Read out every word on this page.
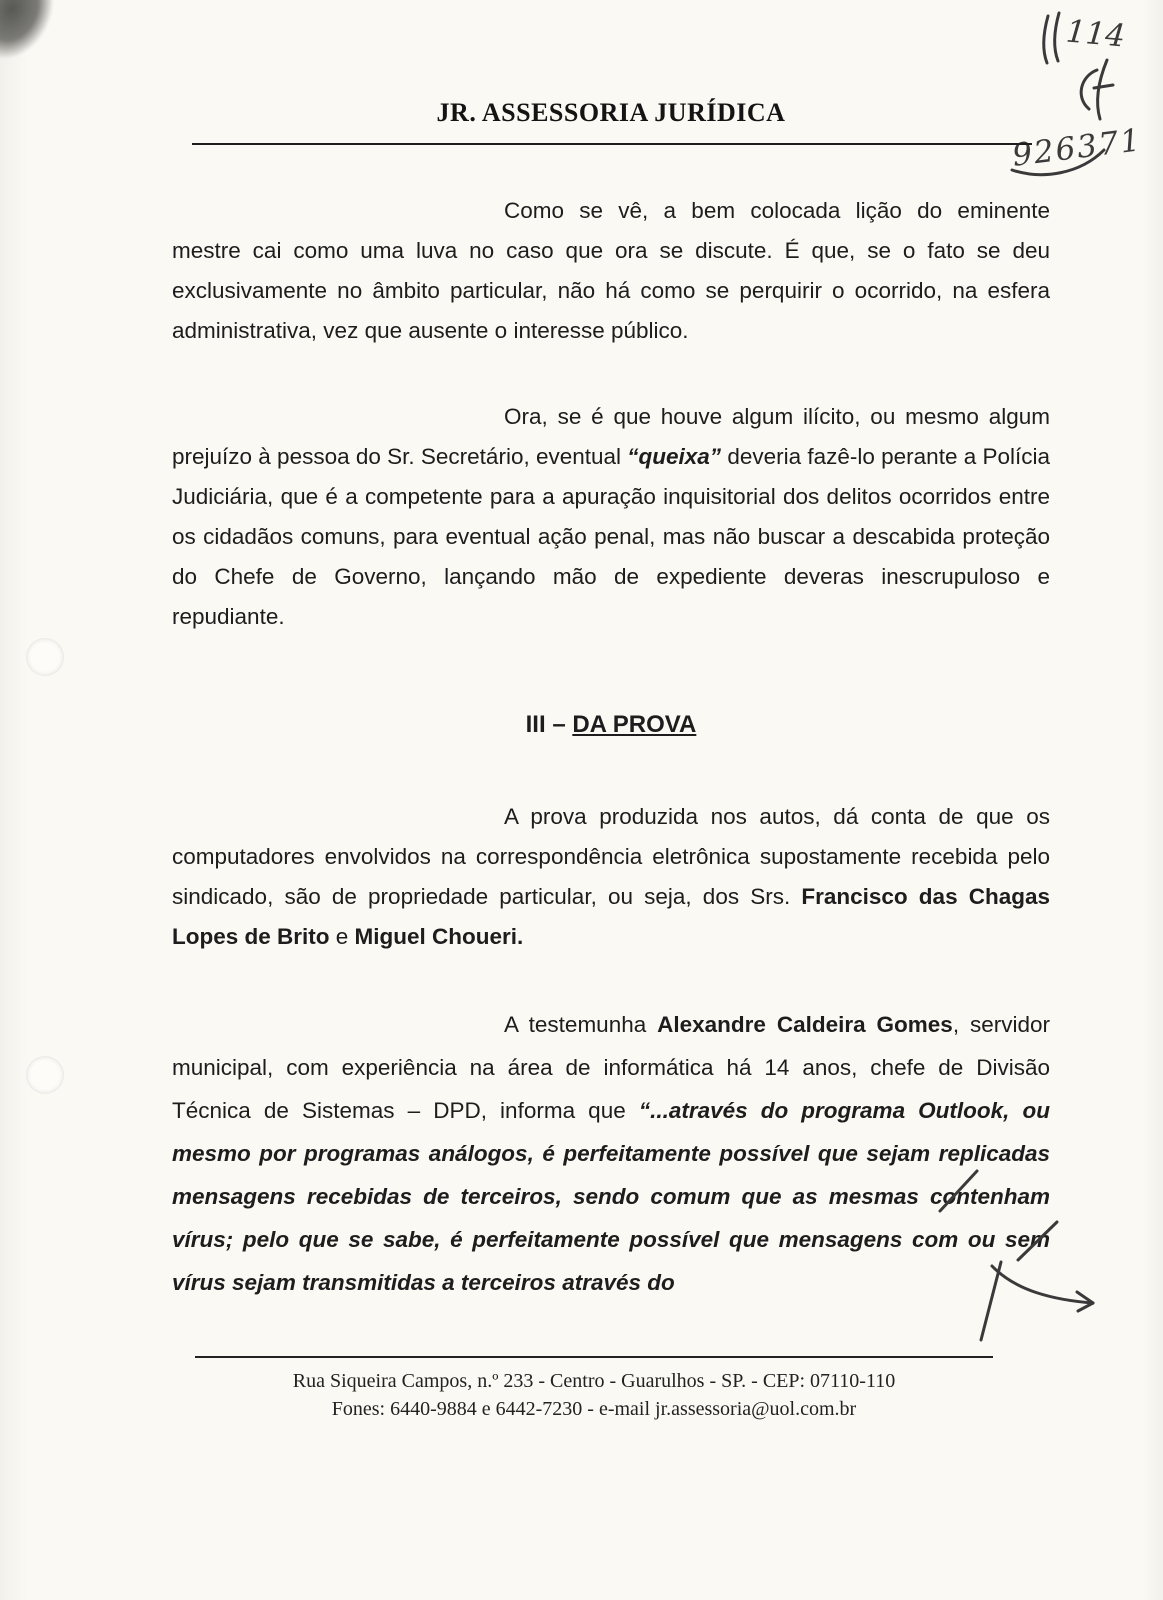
114
926371
JR. ASSESSORIA JURÍDICA

Como se vê, a bem colocada lição do eminente mestre cai como uma luva no caso que ora se discute. É que, se o fato se deu exclusivamente no âmbito particular, não há como se perquirir o ocorrido, na esfera administrativa, vez que ausente o interesse público.

Ora, se é que houve algum ilícito, ou mesmo algum prejuízo à pessoa do Sr. Secretário, eventual “queixa” deveria fazê-lo perante a Polícia Judiciária, que é a competente para a apuração inquisitorial dos delitos ocorridos entre os cidadãos comuns, para eventual ação penal, mas não buscar a descabida proteção do Chefe de Governo, lançando mão de expediente deveras inescrupuloso e repudiante.

III – DA PROVA

A prova produzida nos autos, dá conta de que os computadores envolvidos na correspondência eletrônica supostamente recebida pelo sindicado, são de propriedade particular, ou seja, dos Srs. Francisco das Chagas Lopes de Brito e Miguel Choueri.

A testemunha Alexandre Caldeira Gomes, servidor municipal, com experiência na área de informática há 14 anos, chefe de Divisão Técnica de Sistemas – DPD, informa que “...através do programa Outlook, ou mesmo por programas análogos, é perfeitamente possível que sejam replicadas mensagens recebidas de terceiros, sendo comum que as mesmas contenham vírus; pelo que se sabe, é perfeitamente possível que mensagens com ou sem vírus sejam transmitidas a terceiros através do

Rua Siqueira Campos, n.º 233 - Centro - Guarulhos - SP. - CEP: 07110-110
Fones: 6440-9884 e 6442-7230 - e-mail jr.assessoria@uol.com.br
